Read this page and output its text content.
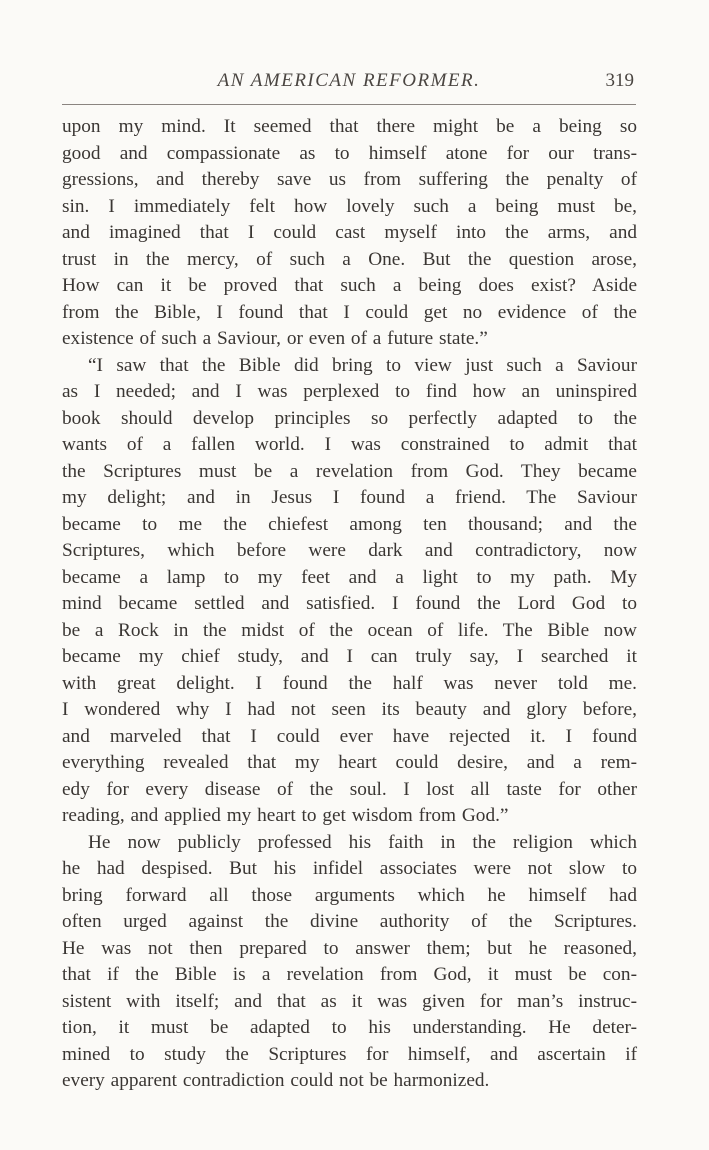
AN AMERICAN REFORMER.	319
upon my mind. It seemed that there might be a being so
good and compassionate as to himself atone for our trans-
gressions, and thereby save us from suffering the penalty of
sin. I immediately felt how lovely such a being must be,
and imagined that I could cast myself into the arms, and
trust in the mercy, of such a One. But the question arose,
How can it be proved that such a being does exist? Aside
from the Bible, I found that I could get no evidence of the
existence of such a Saviour, or even of a future state.”
“I saw that the Bible did bring to view just such a Saviour
as I needed; and I was perplexed to find how an uninspired
book should develop principles so perfectly adapted to the
wants of a fallen world. I was constrained to admit that
the Scriptures must be a revelation from God. They became
my delight; and in Jesus I found a friend. The Saviour
became to me the chiefest among ten thousand; and the
Scriptures, which before were dark and contradictory, now
became a lamp to my feet and a light to my path. My
mind became settled and satisfied. I found the Lord God to
be a Rock in the midst of the ocean of life. The Bible now
became my chief study, and I can truly say, I searched it
with great delight. I found the half was never told me.
I wondered why I had not seen its beauty and glory before,
and marveled that I could ever have rejected it. I found
everything revealed that my heart could desire, and a rem-
edy for every disease of the soul. I lost all taste for other
reading, and applied my heart to get wisdom from God.”
He now publicly professed his faith in the religion which
he had despised. But his infidel associates were not slow to
bring forward all those arguments which he himself had
often urged against the divine authority of the Scriptures.
He was not then prepared to answer them; but he reasoned,
that if the Bible is a revelation from God, it must be con-
sistent with itself; and that as it was given for man’s instruc-
tion, it must be adapted to his understanding. He deter-
mined to study the Scriptures for himself, and ascertain if
every apparent contradiction could not be harmonized.
